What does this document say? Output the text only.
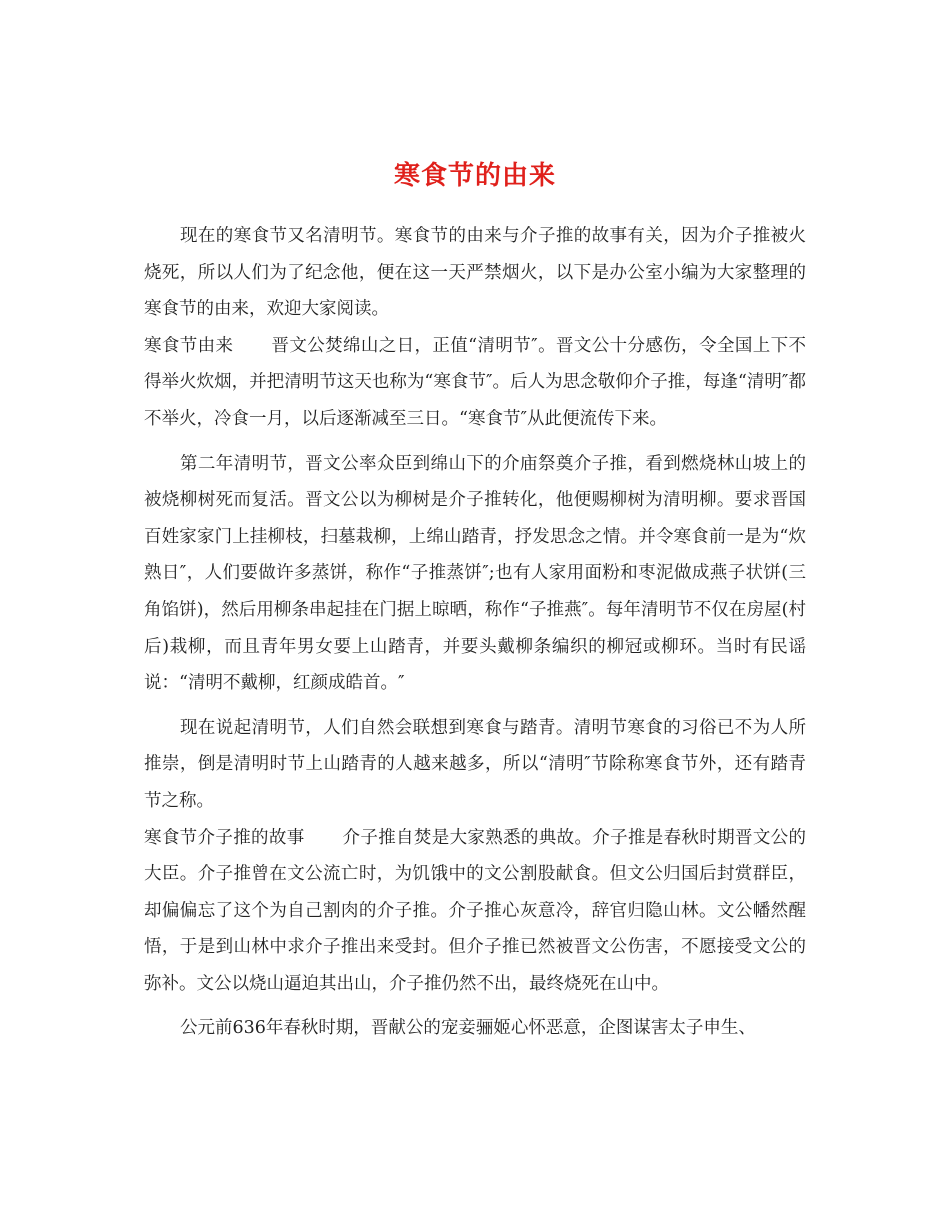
寒食节的由来

现在的寒食节又名清明节。寒食节的由来与介子推的故事有关，因为介子推被火烧死，所以人们为了纪念他，便在这一天严禁烟火，以下是办公室小编为大家整理的寒食节的由来，欢迎大家阅读。

寒食节由来 晋文公焚绵山之日，正值“清明节″。晋文公十分感伤，令全国上下不得举火炊烟，并把清明节这天也称为“寒食节″。后人为思念敬仰介子推，每逢“清明″都不举火，冷食一月，以后逐渐减至三日。“寒食节″从此便流传下来。

第二年清明节，晋文公率众臣到绵山下的介庙祭奠介子推，看到燃烧林山坡上的被烧柳树死而复活。晋文公以为柳树是介子推转化，他便赐柳树为清明柳。要求晋国百姓家家门上挂柳枝，扫墓栽柳，上绵山踏青，抒发思念之情。并令寒食前一是为“炊熟日″，人们要做许多蒸饼，称作“子推蒸饼″;也有人家用面粉和枣泥做成燕子状饼(三角馅饼)，然后用柳条串起挂在门据上晾晒，称作“子推燕″。每年清明节不仅在房屋(村后)栽柳，而且青年男女要上山踏青，并要头戴柳条编织的柳冠或柳环。当时有民谣说：“清明不戴柳，红颜成皓首。″

现在说起清明节，人们自然会联想到寒食与踏青。清明节寒食的习俗已不为人所推崇，倒是清明时节上山踏青的人越来越多，所以“清明″节除称寒食节外，还有踏青节之称。

寒食节介子推的故事 介子推自焚是大家熟悉的典故。介子推是春秋时期晋文公的大臣。介子推曾在文公流亡时，为饥饿中的文公割股献食。但文公归国后封赏群臣，却偏偏忘了这个为自己割肉的介子推。介子推心灰意冷，辞官归隐山林。文公幡然醒悟，于是到山林中求介子推出来受封。但介子推已然被晋文公伤害，不愿接受文公的弥补。文公以烧山逼迫其出山，介子推仍然不出，最终烧死在山中。

公元前636年春秋时期，晋献公的宠妾骊姬心怀恶意，企图谋害太子申生、
